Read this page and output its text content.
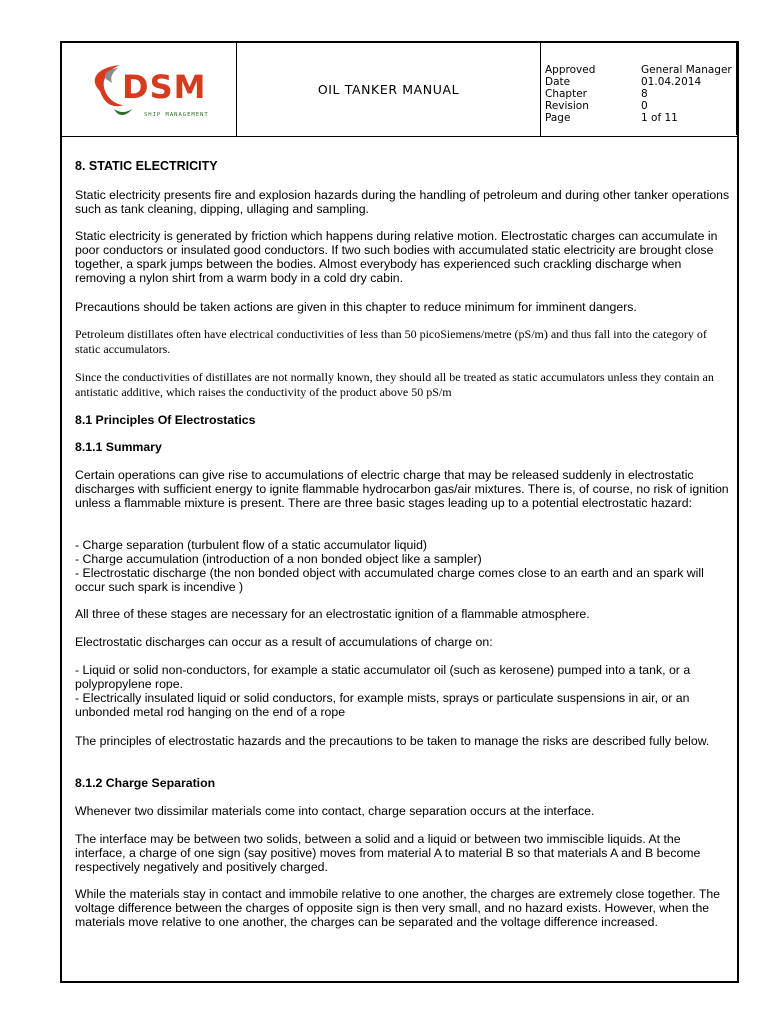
DSM
SHIP MANAGEMENT
OIL TANKER MANUAL
Approved	General Manager
Date	01.04.2014
Chapter	8
Revision	0
Page	1 of 11

8. STATIC ELECTRICITY

Static electricity presents fire and explosion hazards during the handling of petroleum and during other tanker operations such as tank cleaning, dipping, ullaging and sampling.

Static electricity is generated by friction which happens during relative motion. Electrostatic charges can accumulate in poor conductors or insulated good conductors. If two such bodies with accumulated static electricity are brought close together, a spark jumps between the bodies. Almost everybody has experienced such crackling discharge when removing a nylon shirt from a warm body in a cold dry cabin.

Precautions should be taken actions are given in this chapter to reduce minimum for imminent dangers.

Petroleum distillates often have electrical conductivities of less than 50 picoSiemens/metre (pS/m) and thus fall into the category of static accumulators.

Since the conductivities of distillates are not normally known, they should all be treated as static accumulators unless they contain an antistatic additive, which raises the conductivity of the product above 50 pS/m

8.1 Principles Of Electrostatics

8.1.1 Summary

Certain operations can give rise to accumulations of electric charge that may be released suddenly in electrostatic discharges with sufficient energy to ignite flammable hydrocarbon gas/air mixtures. There is, of course, no risk of ignition unless a flammable mixture is present. There are three basic stages leading up to a potential electrostatic hazard:

- Charge separation (turbulent flow of a static accumulator liquid)

- Charge accumulation (introduction of a non bonded object like a sampler)

- Electrostatic discharge (the non bonded object with accumulated charge comes close to an earth and an spark will occur such spark is incendive )

All three of these stages are necessary for an electrostatic ignition of a flammable atmosphere.

Electrostatic discharges can occur as a result of accumulations of charge on:

- Liquid or solid non-conductors, for example a static accumulator oil (such as kerosene) pumped into a tank, or a polypropylene rope.

- Electrically insulated liquid or solid conductors, for example mists, sprays or particulate suspensions in air, or an unbonded metal rod hanging on the end of a rope

The principles of electrostatic hazards and the precautions to be taken to manage the risks are described fully below.

8.1.2 Charge Separation

Whenever two dissimilar materials come into contact, charge separation occurs at the interface.

The interface may be between two solids, between a solid and a liquid or between two immiscible liquids. At the interface, a charge of one sign (say positive) moves from material A to material B so that materials A and B become respectively negatively and positively charged.

While the materials stay in contact and immobile relative to one another, the charges are extremely close together. The voltage difference between the charges of opposite sign is then very small, and no hazard exists. However, when the materials move relative to one another, the charges can be separated and the voltage difference increased.
